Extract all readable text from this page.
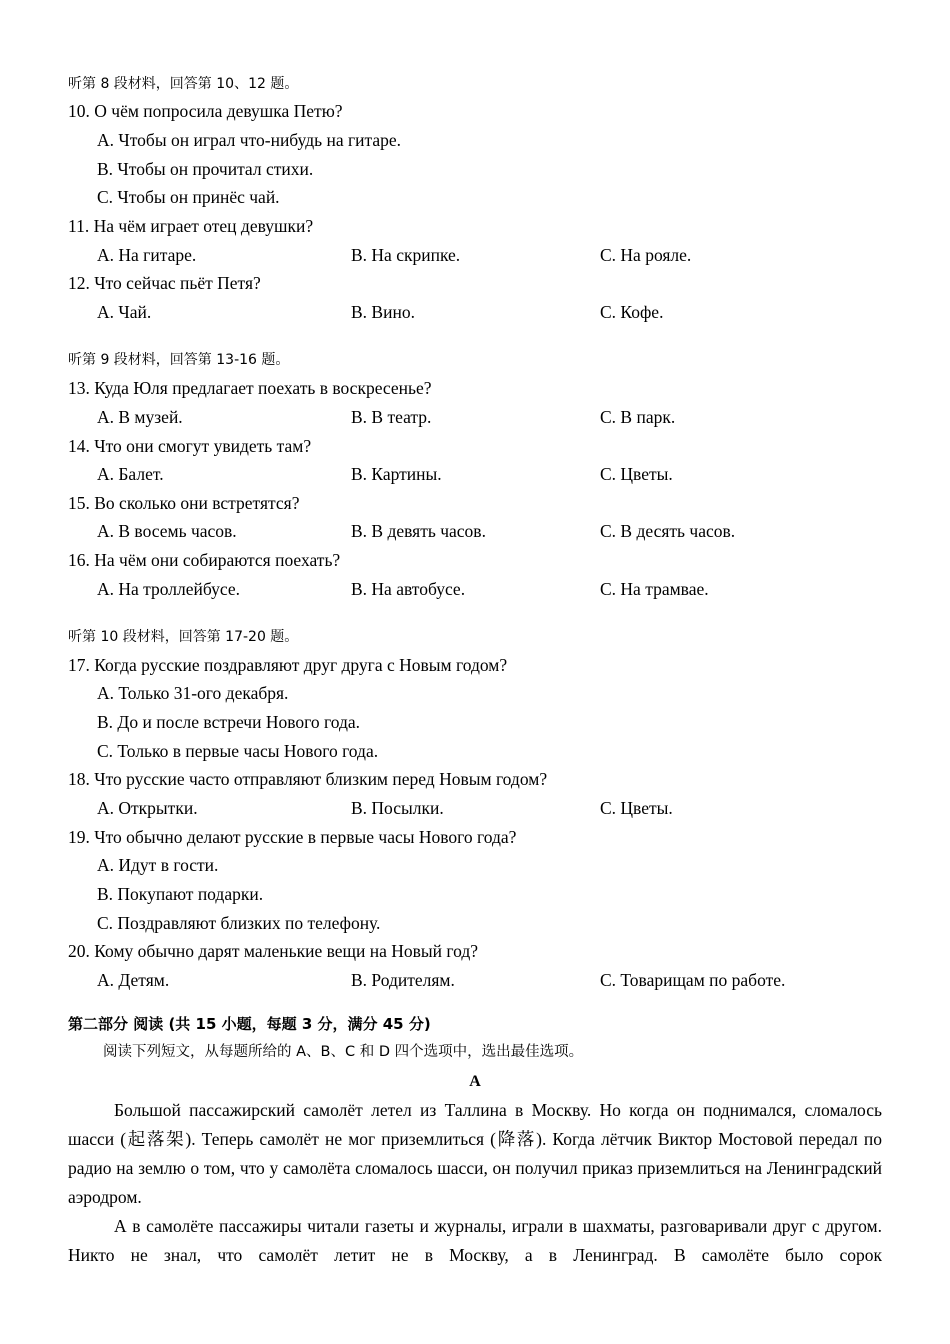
听第 8 段材料，回答第 10、12 题。
10. О чём попросила девушка Петю?
A. Чтобы он играл что-нибудь на гитаре.
B. Чтобы он прочитал стихи.
C. Чтобы он принёс чай.
11. На чём играет отец девушки?
A. На гитаре.	B. На скрипке.	C. На рояле.
12. Что сейчас пьёт Петя?
A. Чай.	B. Вино.	C. Кофе.
听第 9 段材料，回答第 13-16 题。
13. Куда Юля предлагает поехать в воскресенье?
A. В музей.	B. В театр.	C. В парк.
14. Что они смогут увидеть там?
A. Балет.	B. Картины.	C. Цветы.
15. Во сколько они встретятся?
A. В восемь часов.	B. В девять часов.	C. В десять часов.
16. На чём они собираются поехать?
A. На троллейбусе.	B. На автобусе.	C. На трамвае.
听第 10 段材料，回答第 17-20 题。
17. Когда русские поздравляют друг друга с Новым годом?
A. Только 31-ого декабря.
B. До и после встречи Нового года.
C. Только в первые часы Нового года.
18. Что русские часто отправляют близким перед Новым годом?
A. Открытки.	B. Посылки.	C. Цветы.
19. Что обычно делают русские в первые часы Нового года?
A. Идут в гости.
B. Покупают подарки.
C. Поздравляют близких по телефону.
20. Кому обычно дарят маленькие вещи на Новый год?
A. Детям.	B. Родителям.	C. Товарищам по работе.
第二部分 阅读 (共 15 小题，每题 3 分，满分 45 分)
阅读下列短文，从每题所给的 A、B、C 和 D 四个选项中，选出最佳选项。
A
Большой пассажирский самолёт летел из Таллина в Москву. Но когда он поднимался, сломалось шасси (起落架). Теперь самолёт не мог приземлиться (降落). Когда лётчик Виктор Мостовой передал по радио на землю о том, что у самолёта сломалось шасси, он получил приказ приземлиться на Ленинградский аэродром.
А в самолёте пассажиры читали газеты и журналы, играли в шахматы, разговаривали друг с другом. Никто не знал, что самолёт летит не в Москву, а в Ленинград. В самолёте было сорок
